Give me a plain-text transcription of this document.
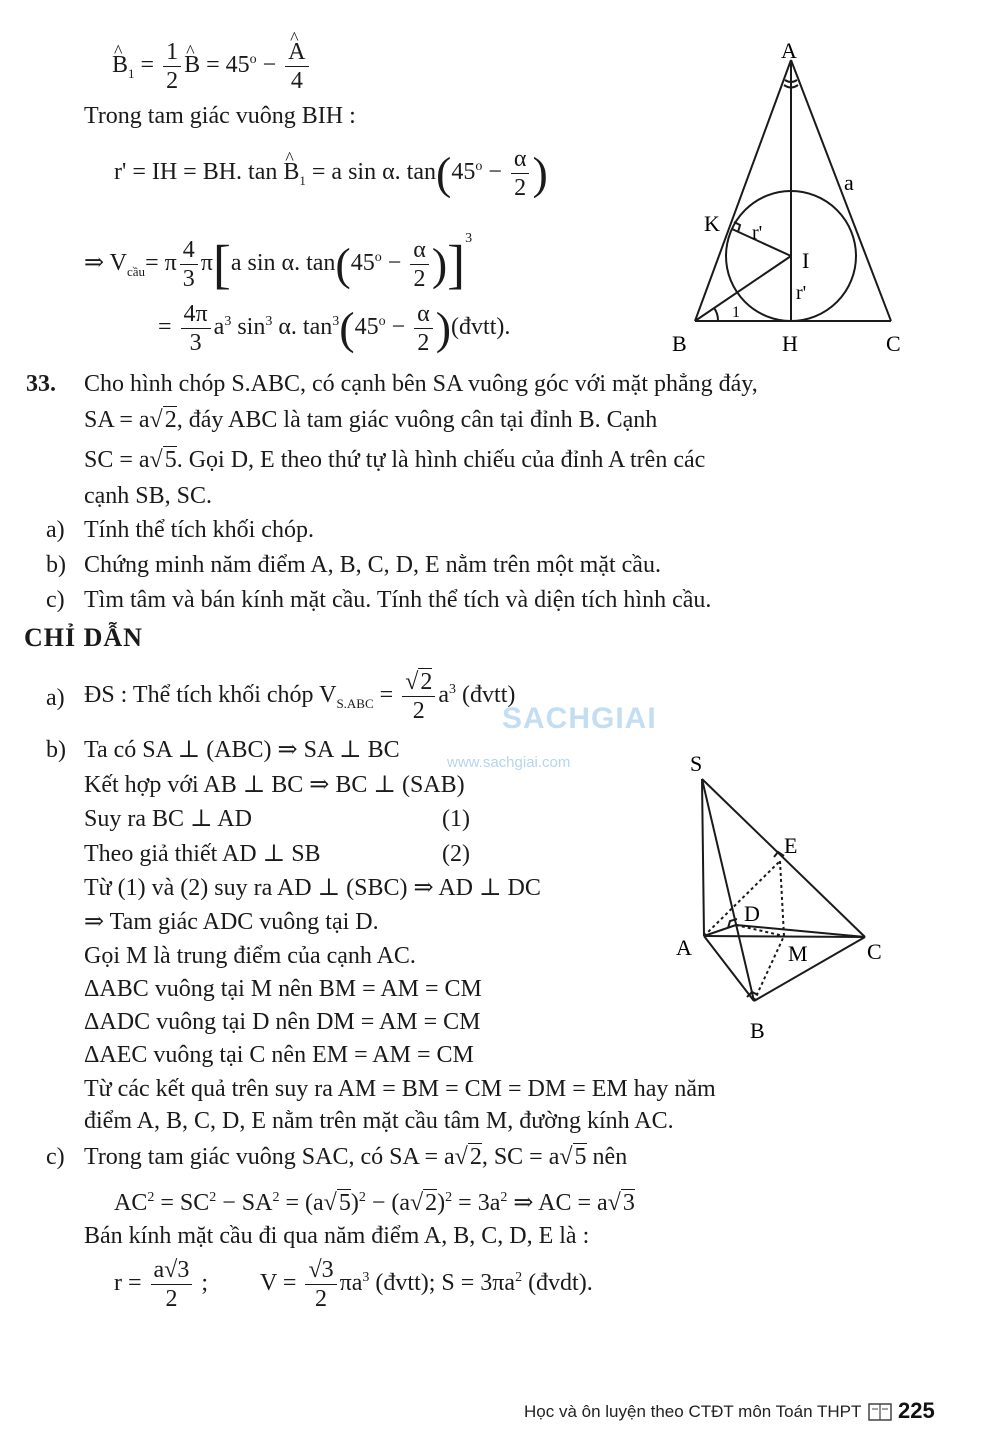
^ $B_1 = \frac{1}{2}$ ^ $B = 45^o$ − ^ $\frac{A}{4}$
Trong tam giác vuông BIH :
r' = IH = BH. tan ^ $B_1 = a$ sin α. $\tan(45^o - \frac{\alpha}{2}$ )
⇒ $V_{cầu}= \pi \frac{4}{3} \pi[a$ sin α. $\tan(45^o - \frac{\alpha}{2} )]^3$
= $\frac{4\pi}{3} a^3$ $\sin^3 \alpha$. $\tan^3(45^o - \frac{\alpha}{2}$ )(đvtt).
A
a
K r'
I
r'
1
B	H	C
33. Cho hình chóp S.ABC, có cạnh bên SA vuông góc với mặt phẳng đáy,
SA = a√2, đáy ABC là tam giác vuông cân tại đỉnh B. Cạnh
SC = a√5. Gọi D, E theo thứ tự là hình chiếu của đỉnh A trên các
cạnh SB, SC.
a) Tính thể tích khối chóp.
b) Chứng minh năm điểm A, B, C, D, E nằm trên một mặt cầu.
c) Tìm tâm và bán kính mặt cầu. Tính thể tích và diện tích hình cầu.
CHỈ DẪN
a) ĐS : Thể tích khối chóp $V_{S.ABC} = \frac{√2}{2} a^3$ (đvtt)
SACHGIAI
www.sachgiai.com
b) Ta có SA ⊥ (ABC) ⇒ SA ⊥ BC
Kết hợp với AB ⊥ BC ⇒ BC ⊥ (SAB)
Suy ra BC ⊥ AD	(1)
Theo giả thiết AD ⊥ SB	(2)
Từ (1) và (2) suy ra AD ⊥ (SBC) ⇒ AD ⊥ DC
⇒ Tam giác ADC vuông tại D.
Gọi M là trung điểm của cạnh AC.
ΔABC vuông tại M nên BM = AM = CM
ΔADC vuông tại D nên DM = AM = CM
ΔAEC vuông tại C nên EM = AM = CM
Từ các kết quả trên suy ra AM = BM = CM = DM = EM hay năm
điểm A, B, C, D, E nằm trên mặt cầu tâm M, đường kính AC.
S
E
D
A	M	C
B
c) Trong tam giác vuông SAC, có SA = a√2, SC = a√5 nên
$AC^2 = SC^2 - SA^2 = (a√5)^2 - (a√2)^2 = 3a^2$ ⇒ AC = a√3
Bán kính mặt cầu đi qua năm điểm A, B, C, D, E là :
$r = \frac{a√3}{2}$ ; $V = \frac{√3}{2} \pi a^3$ (đvtt); $S = 3\pi a^2$ (đvdt).
Học và ôn luyện theo CTĐT môn Toán THPT 225
